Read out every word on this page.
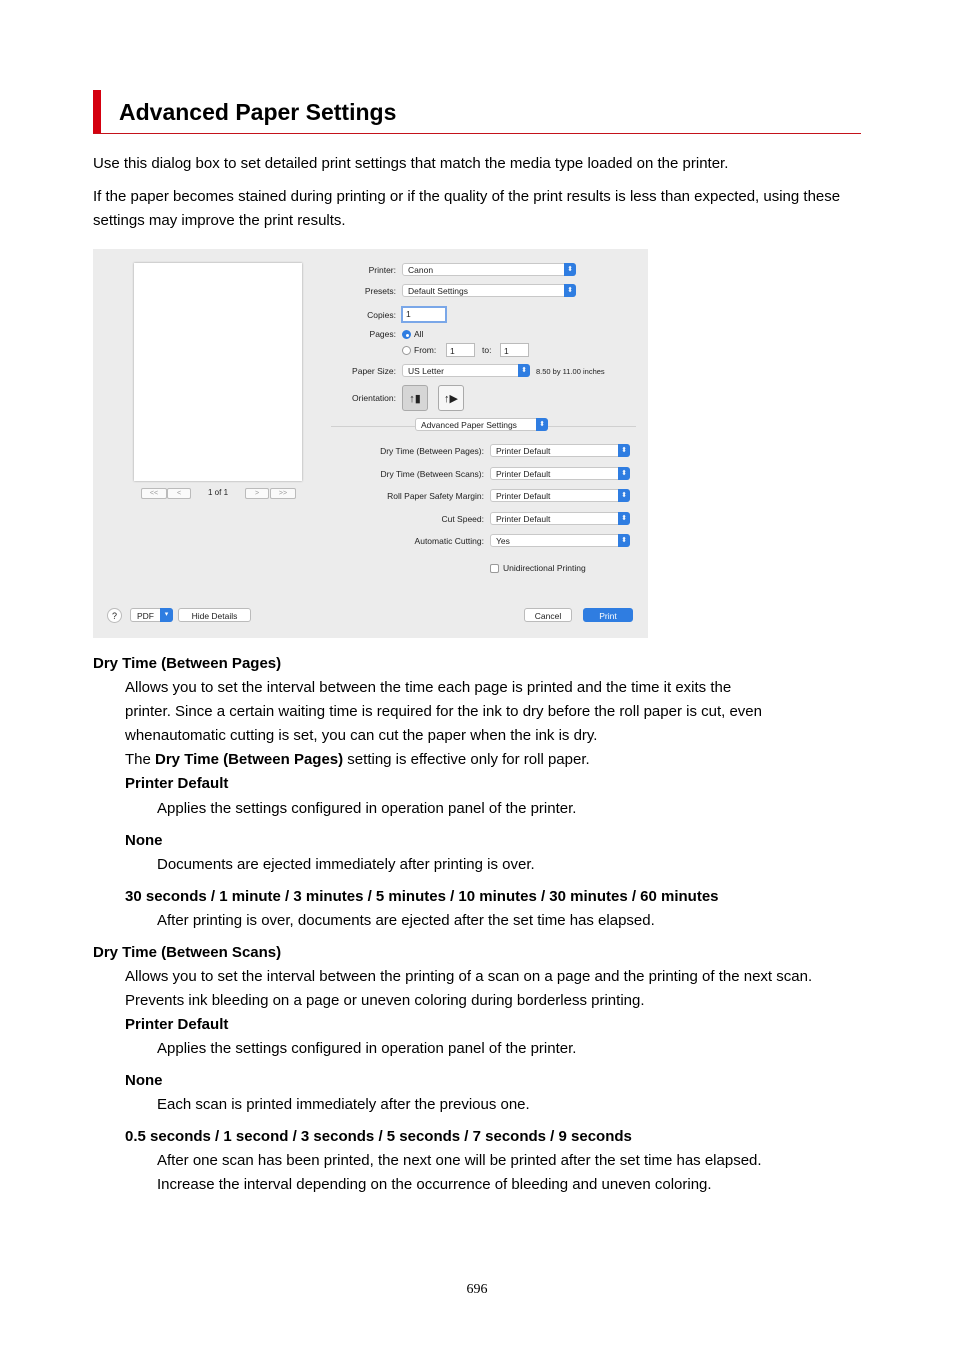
Advanced Paper Settings
Use this dialog box to set detailed print settings that match the media type loaded on the printer.
If the paper becomes stained during printing or if the quality of the print results is less than expected, using these settings may improve the print results.
<<	<	1 of 1	>	>>
Printer:	Canon	⬍
Presets:	Default Settings	⬍
Copies:	1
Pages: All
From:	1	to:	1
Paper Size:	US Letter	⬍	8.50 by 11.00 inches
Orientation:	↑▮	↑▶
Advanced Paper Settings	⬍
Dry Time (Between Pages):	Printer Default	⬍
Dry Time (Between Scans):	Printer Default	⬍
Roll Paper Safety Margin:	Printer Default	⬍
Cut Speed:	Printer Default	⬍
Automatic Cutting:	Yes	⬍
Unidirectional Printing
?	PDF	▾	Hide Details	Cancel	Print
Dry Time (Between Pages)
Allows you to set the interval between the time each page is printed and the time it exits the
printer. Since a certain waiting time is required for the ink to dry before the roll paper is cut, even
whenautomatic cutting is set, you can cut the paper when the ink is dry.
The Dry Time (Between Pages) setting is effective only for roll paper.
Printer Default
Applies the settings configured in operation panel of the printer.
None
Documents are ejected immediately after printing is over.
30 seconds / 1 minute / 3 minutes / 5 minutes / 10 minutes / 30 minutes / 60 minutes
After printing is over, documents are ejected after the set time has elapsed.
Dry Time (Between Scans)
Allows you to set the interval between the printing of a scan on a page and the printing of the next scan.
Prevents ink bleeding on a page or uneven coloring during borderless printing.
Printer Default
Applies the settings configured in operation panel of the printer.
None
Each scan is printed immediately after the previous one.
0.5 seconds / 1 second / 3 seconds / 5 seconds / 7 seconds / 9 seconds
After one scan has been printed, the next one will be printed after the set time has elapsed.
Increase the interval depending on the occurrence of bleeding and uneven coloring.
696
